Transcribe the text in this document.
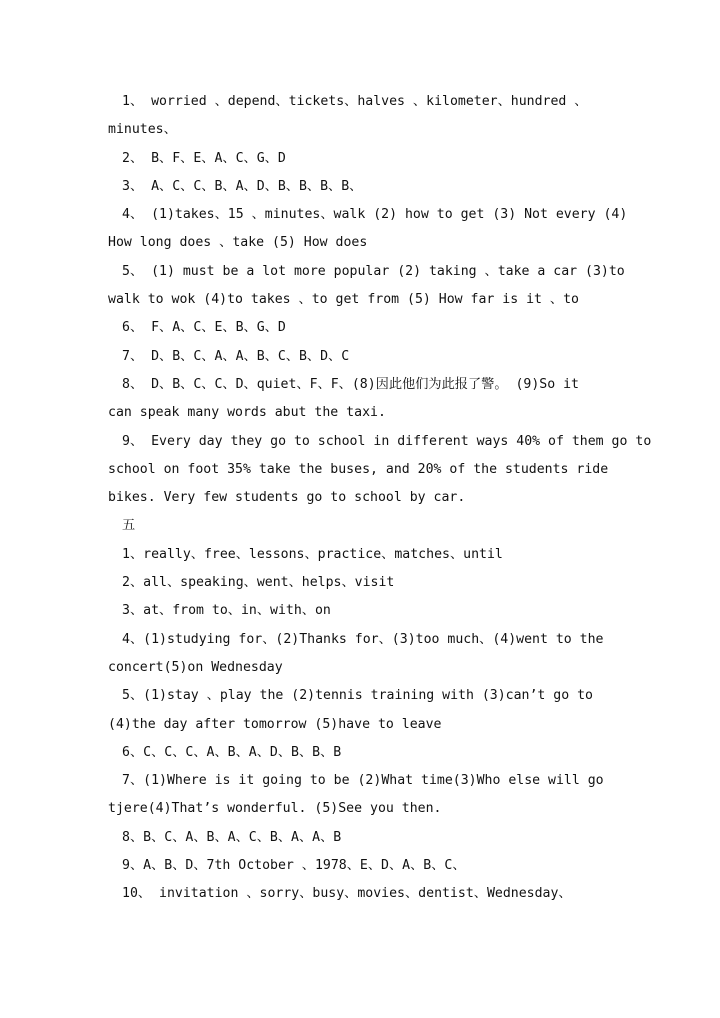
1、 worried 、depend、tickets、halves 、kilometer、hundred 、
minutes、
2、 B、F、E、A、C、G、D
3、 A、C、C、B、A、D、B、B、B、B、
4、 (1)takes、15 、minutes、walk (2) how to get (3) Not every (4)
How long does 、take (5) How does
5、 (1) must be a lot more popular (2) taking 、take a car (3)to
walk to wok (4)to takes 、to get from (5) How far is it 、to
6、 F、A、C、E、B、G、D
7、 D、B、C、A、A、B、C、B、D、C
8、 D、B、C、C、D、quiet、F、F、(8)因此他们为此报了警。 (9)So it
can speak many words abut the taxi.
9、 Every day they go to school in different ways 40% of them go to
school on foot 35% take the buses, and 20% of the students ride
bikes. Very few students go to school by car.
五
1、really、free、lessons、practice、matches、until
2、all、speaking、went、helps、visit
3、at、from to、in、with、on
4、(1)studying for、(2)Thanks for、(3)too much、(4)went to the
concert(5)on Wednesday
5、(1)stay 、play the (2)tennis training with (3)can’t go to
(4)the day after tomorrow (5)have to leave
6、C、C、C、A、B、A、D、B、B、B
7、(1)Where is it going to be (2)What time(3)Who else will go
tjere(4)That’s wonderful. (5)See you then.
8、B、C、A、B、A、C、B、A、A、B
9、A、B、D、7th October 、1978、E、D、A、B、C、
10、 invitation 、sorry、busy、movies、dentist、Wednesday、
